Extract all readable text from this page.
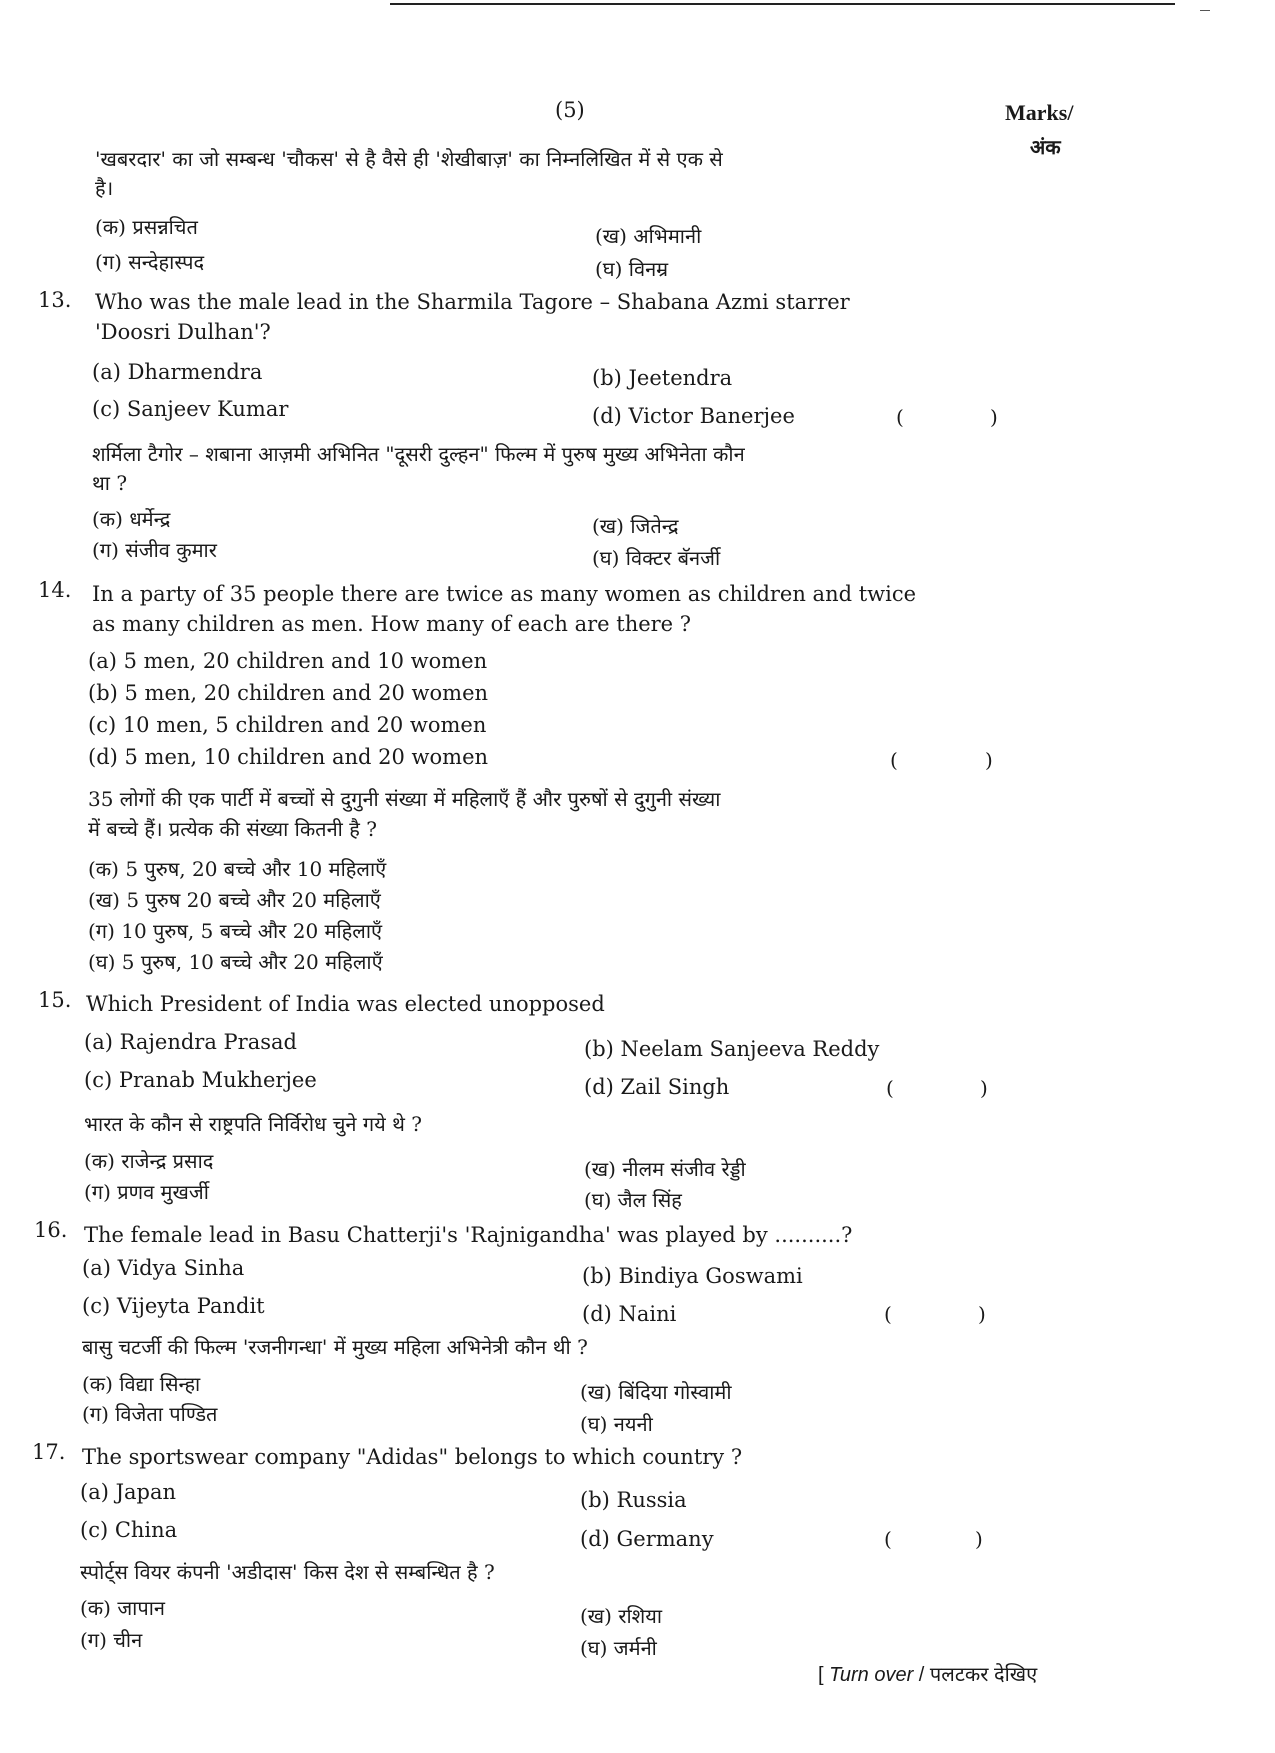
(5)	Marks/
अंक
'खबरदार' का जो सम्बन्ध 'चौकस' से है वैसे ही 'शेखीबाज़' का निम्नलिखित में से एक से
है।
(क) प्रसन्नचित	(ख) अभिमानी
(ग) सन्देहास्पद	(घ) विनम्र
13. Who was the male lead in the Sharmila Tagore – Shabana Azmi starrer
'Doosri Dulhan'?
(a) Dharmendra	(b) Jeetendra
(c) Sanjeev Kumar	(d) Victor Banerjee	(	)
शर्मिला टैगोर – शबाना आज़मी अभिनित "दूसरी दुल्हन" फिल्म में पुरुष मुख्य अभिनेता कौन
था ?
(क) धर्मेन्द्र	(ख) जितेन्द्र
(ग) संजीव कुमार	(घ) विक्टर बॅनर्जी
14. In a party of 35 people there are twice as many women as children and twice
as many children as men. How many of each are there ?
(a) 5 men, 20 children and 10 women
(b) 5 men, 20 children and 20 women
(c) 10 men, 5 children and 20 women
(d) 5 men, 10 children and 20 women	(	)
35 लोगों की एक पार्टी में बच्चों से दुगुनी संख्या में महिलाएँ हैं और पुरुषों से दुगुनी संख्या
में बच्चे हैं। प्रत्येक की संख्या कितनी है ?
(क) 5 पुरुष, 20 बच्चे और 10 महिलाएँ
(ख) 5 पुरुष 20 बच्चे और 20 महिलाएँ
(ग) 10 पुरुष, 5 बच्चे और 20 महिलाएँ
(घ) 5 पुरुष, 10 बच्चे और 20 महिलाएँ
15. Which President of India was elected unopposed
(a) Rajendra Prasad	(b) Neelam Sanjeeva Reddy
(c) Pranab Mukherjee	(d) Zail Singh	(	)
भारत के कौन से राष्ट्रपति निर्विरोध चुने गये थे ?
(क) राजेन्द्र प्रसाद	(ख) नीलम संजीव रेड्डी
(ग) प्रणव मुखर्जी	(घ) जैल सिंह
16. The female lead in Basu Chatterji's 'Rajnigandha' was played by ..........?
(a) Vidya Sinha	(b) Bindiya Goswami
(c) Vijeyta Pandit	(d) Naini	(	)
बासु चटर्जी की फिल्म 'रजनीगन्धा' में मुख्य महिला अभिनेत्री कौन थी ?
(क) विद्या सिन्हा	(ख) बिंदिया गोस्वामी
(ग) विजेता पण्डित	(घ) नयनी
17. The sportswear company "Adidas" belongs to which country ?
(a) Japan	(b) Russia
(c) China	(d) Germany	(	)
स्पोर्ट्स वियर कंपनी 'अडीदास' किस देश से सम्बन्धित है ?
(क) जापान	(ख) रशिया
(ग) चीन	(घ) जर्मनी
[ Turn over / पलटकर देखिए
